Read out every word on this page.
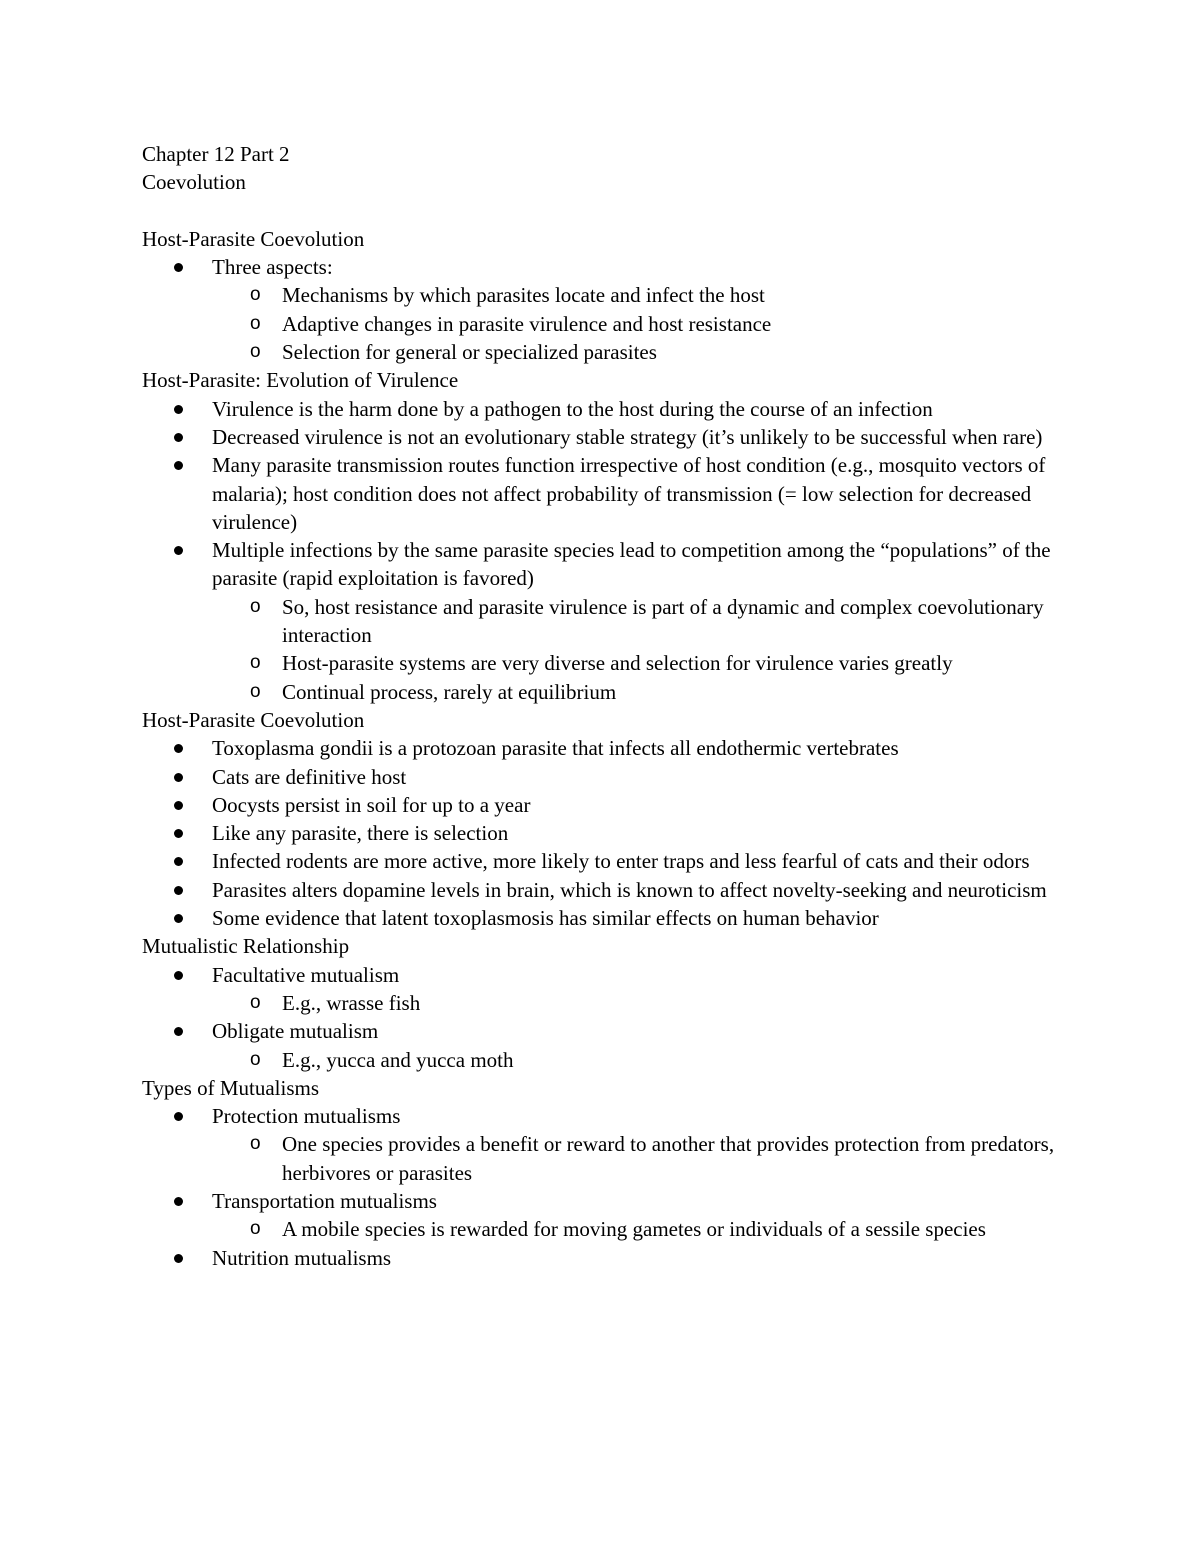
Chapter 12 Part 2

Coevolution

Host-Parasite Coevolution

Three aspects:
o Mechanisms by which parasites locate and infect the host
o Adaptive changes in parasite virulence and host resistance
o Selection for general or specialized parasites

Host-Parasite: Evolution of Virulence

Virulence is the harm done by a pathogen to the host during the course of an infection
Decreased virulence is not an evolutionary stable strategy (it’s unlikely to be successful when rare)
Many parasite transmission routes function irrespective of host condition (e.g., mosquito vectors of malaria); host condition does not affect probability of transmission (= low selection for decreased virulence)
Multiple infections by the same parasite species lead to competition among the “populations” of the parasite (rapid exploitation is favored)
o So, host resistance and parasite virulence is part of a dynamic and complex coevolutionary interaction
o Host-parasite systems are very diverse and selection for virulence varies greatly
o Continual process, rarely at equilibrium

Host-Parasite Coevolution

Toxoplasma gondii is a protozoan parasite that infects all endothermic vertebrates
Cats are definitive host
Oocysts persist in soil for up to a year
Like any parasite, there is selection
Infected rodents are more active, more likely to enter traps and less fearful of cats and their odors
Parasites alters dopamine levels in brain, which is known to affect novelty-seeking and neuroticism
Some evidence that latent toxoplasmosis has similar effects on human behavior

Mutualistic Relationship

Facultative mutualism
o E.g., wrasse fish
Obligate mutualism
o E.g., yucca and yucca moth

Types of Mutualisms

Protection mutualisms
o One species provides a benefit or reward to another that provides protection from predators, herbivores or parasites
Transportation mutualisms
o A mobile species is rewarded for moving gametes or individuals of a sessile species
Nutrition mutualisms
